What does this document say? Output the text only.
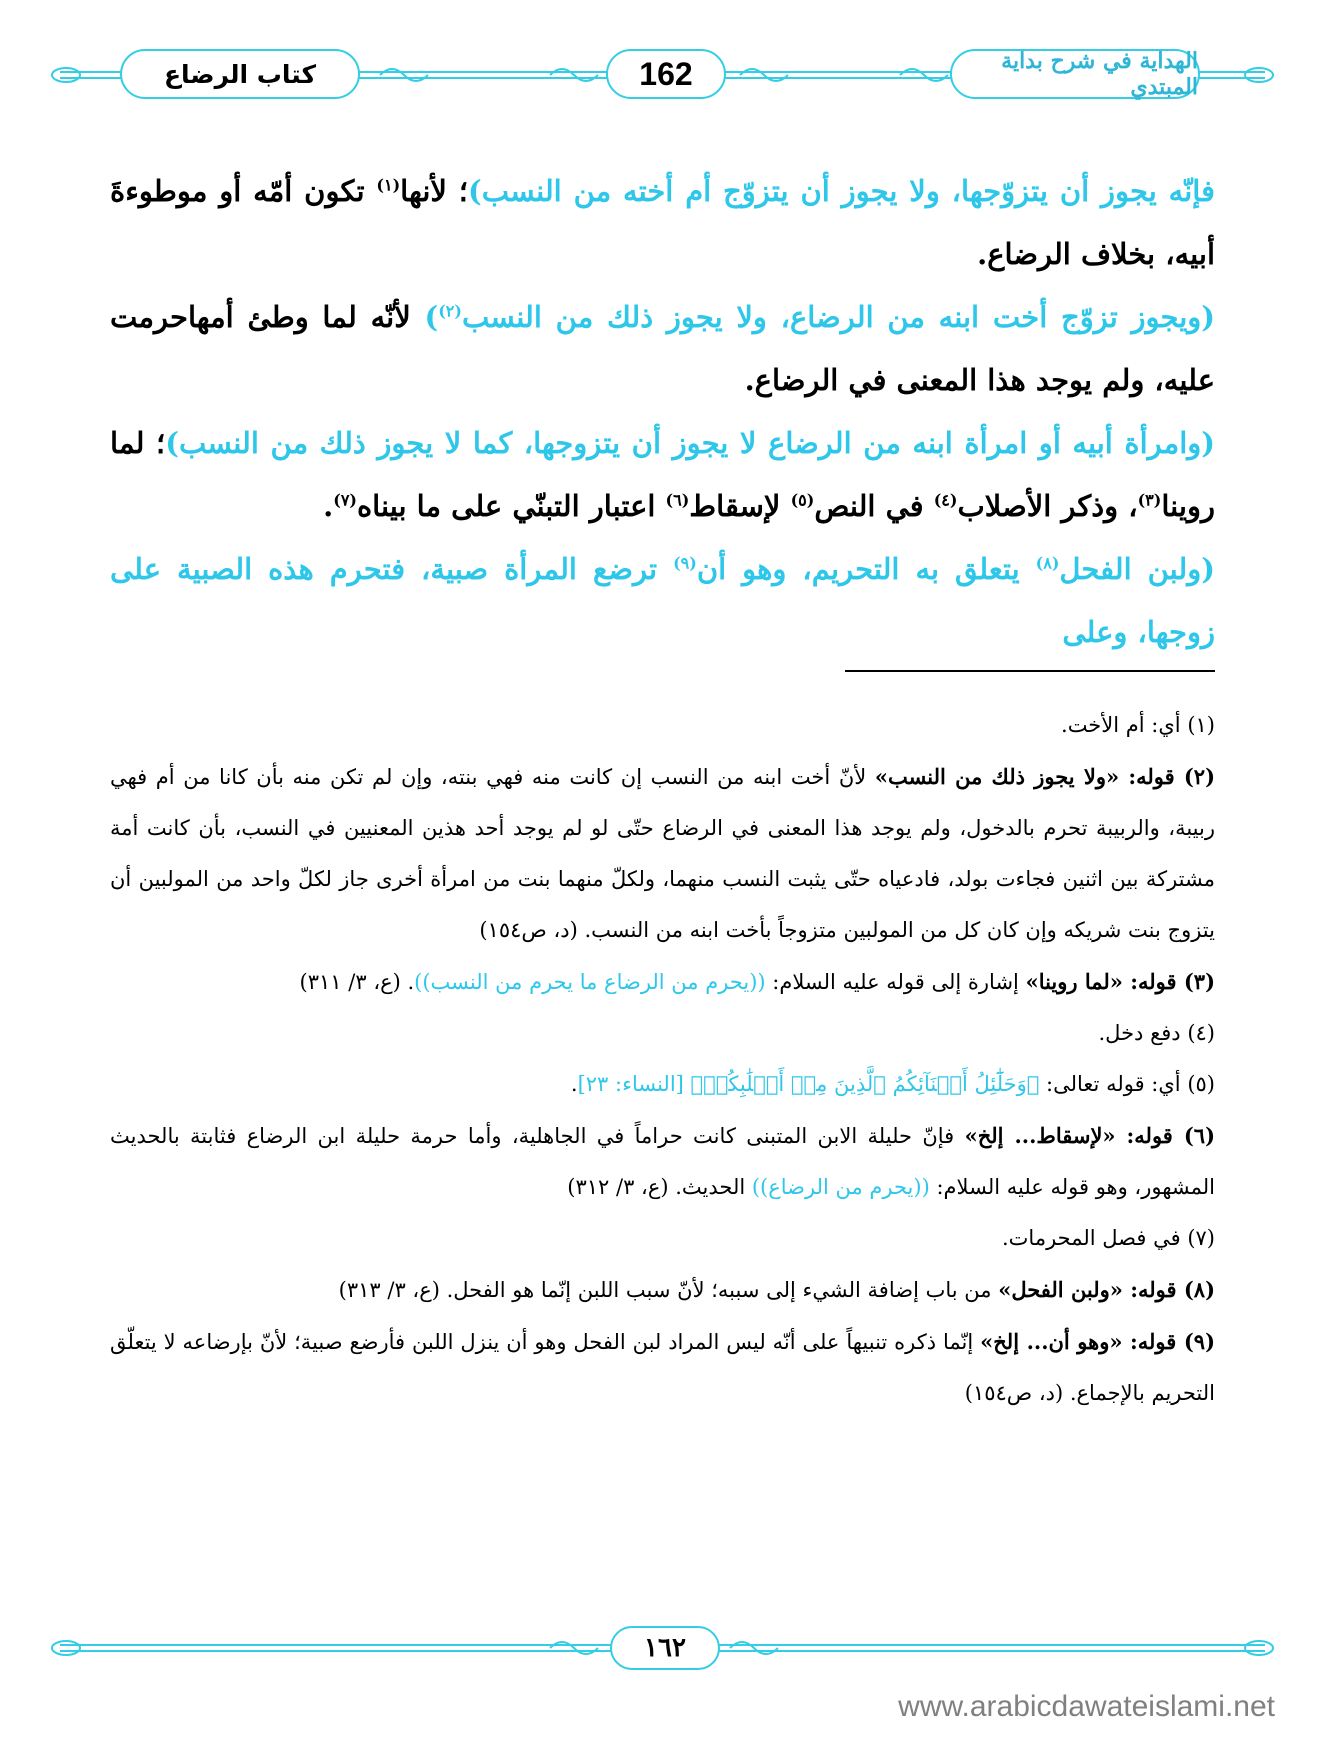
كتاب الرضاع	162	الهداية في شرح بداية المبتدي

فإنّه يجوز أن يتزوّجها، ولا يجوز أن يتزوّج أم أخته من النسب)؛ لأنها$^{(١)}$ تكون أمّه أو موطوءةَ أبيه، بخلاف الرضاع.

(ويجوز تزوّج أخت ابنه من الرضاع، ولا يجوز ذلك من النسب$^{(٢)}$) لأنّه لما وطئ أمهاحرمت عليه، ولم يوجد هذا المعنى في الرضاع.

(وامرأة أبيه أو امرأة ابنه من الرضاع لا يجوز أن يتزوجها، كما لا يجوز ذلك من النسب)؛ لما روينا$^{(٣)}$، وذكر الأصلاب$^{(٤)}$ في النص$^{(٥)}$ لإسقاط$^{(٦)}$ اعتبار التبنّي على ما بيناه$^{(٧)}$.

(ولبن الفحل$^{(٨)}$ يتعلق به التحريم، وهو أن$^{(٩)}$ ترضع المرأة صبية، فتحرم هذه الصبية على زوجها، وعلى

(١) أي: أم الأخت.

(٢) قوله: «ولا يجوز ذلك من النسب» لأنّ أخت ابنه من النسب إن كانت منه فهي بنته، وإن لم تكن منه بأن كانا من أم فهي ربيبة، والربيبة تحرم بالدخول، ولم يوجد هذا المعنى في الرضاع حتّى لو لم يوجد أحد هذين المعنيين في النسب، بأن كانت أمة مشتركة بين اثنين فجاءت بولد، فادعياه حتّى يثبت النسب منهما، ولكلّ منهما بنت من امرأة أخرى جاز لكلّ واحد من المولبين أن يتزوج بنت شريكه وإن كان كل من المولبين متزوجاً بأخت ابنه من النسب. (د، ص١٥٤)

(٣) قوله: «لما روينا» إشارة إلى قوله عليه السلام: ((يحرم من الرضاع ما يحرم من النسب)). (ع، ٣/ ٣١١)

(٤) دفع دخل.

(٥) أي: قوله تعالى: ﴿وَحَلَٰٓئِلُ أَبۡنَآئِكُمُ ٱلَّذِينَ مِنۡ أَصۡلَٰبِكُمۡ﴾ [النساء: ٢٣].

(٦) قوله: «لإسقاط... إلخ» فإنّ حليلة الابن المتبنى كانت حراماً في الجاهلية، وأما حرمة حليلة ابن الرضاع فثابتة بالحديث المشهور، وهو قوله عليه السلام: ((يحرم من الرضاع)) الحديث. (ع، ٣/ ٣١٢)

(٧) في فصل المحرمات.

(٨) قوله: «ولبن الفحل» من باب إضافة الشيء إلى سببه؛ لأنّ سبب اللبن إنّما هو الفحل. (ع، ٣/ ٣١٣)

(٩) قوله: «وهو أن... إلخ» إنّما ذكره تنبيهاً على أنّه ليس المراد لبن الفحل وهو أن ينزل اللبن فأرضع صبية؛ لأنّ بإرضاعه لا يتعلّق التحريم بالإجماع. (د، ص١٥٤)

١٦٢
www.arabicdawateislami.net
